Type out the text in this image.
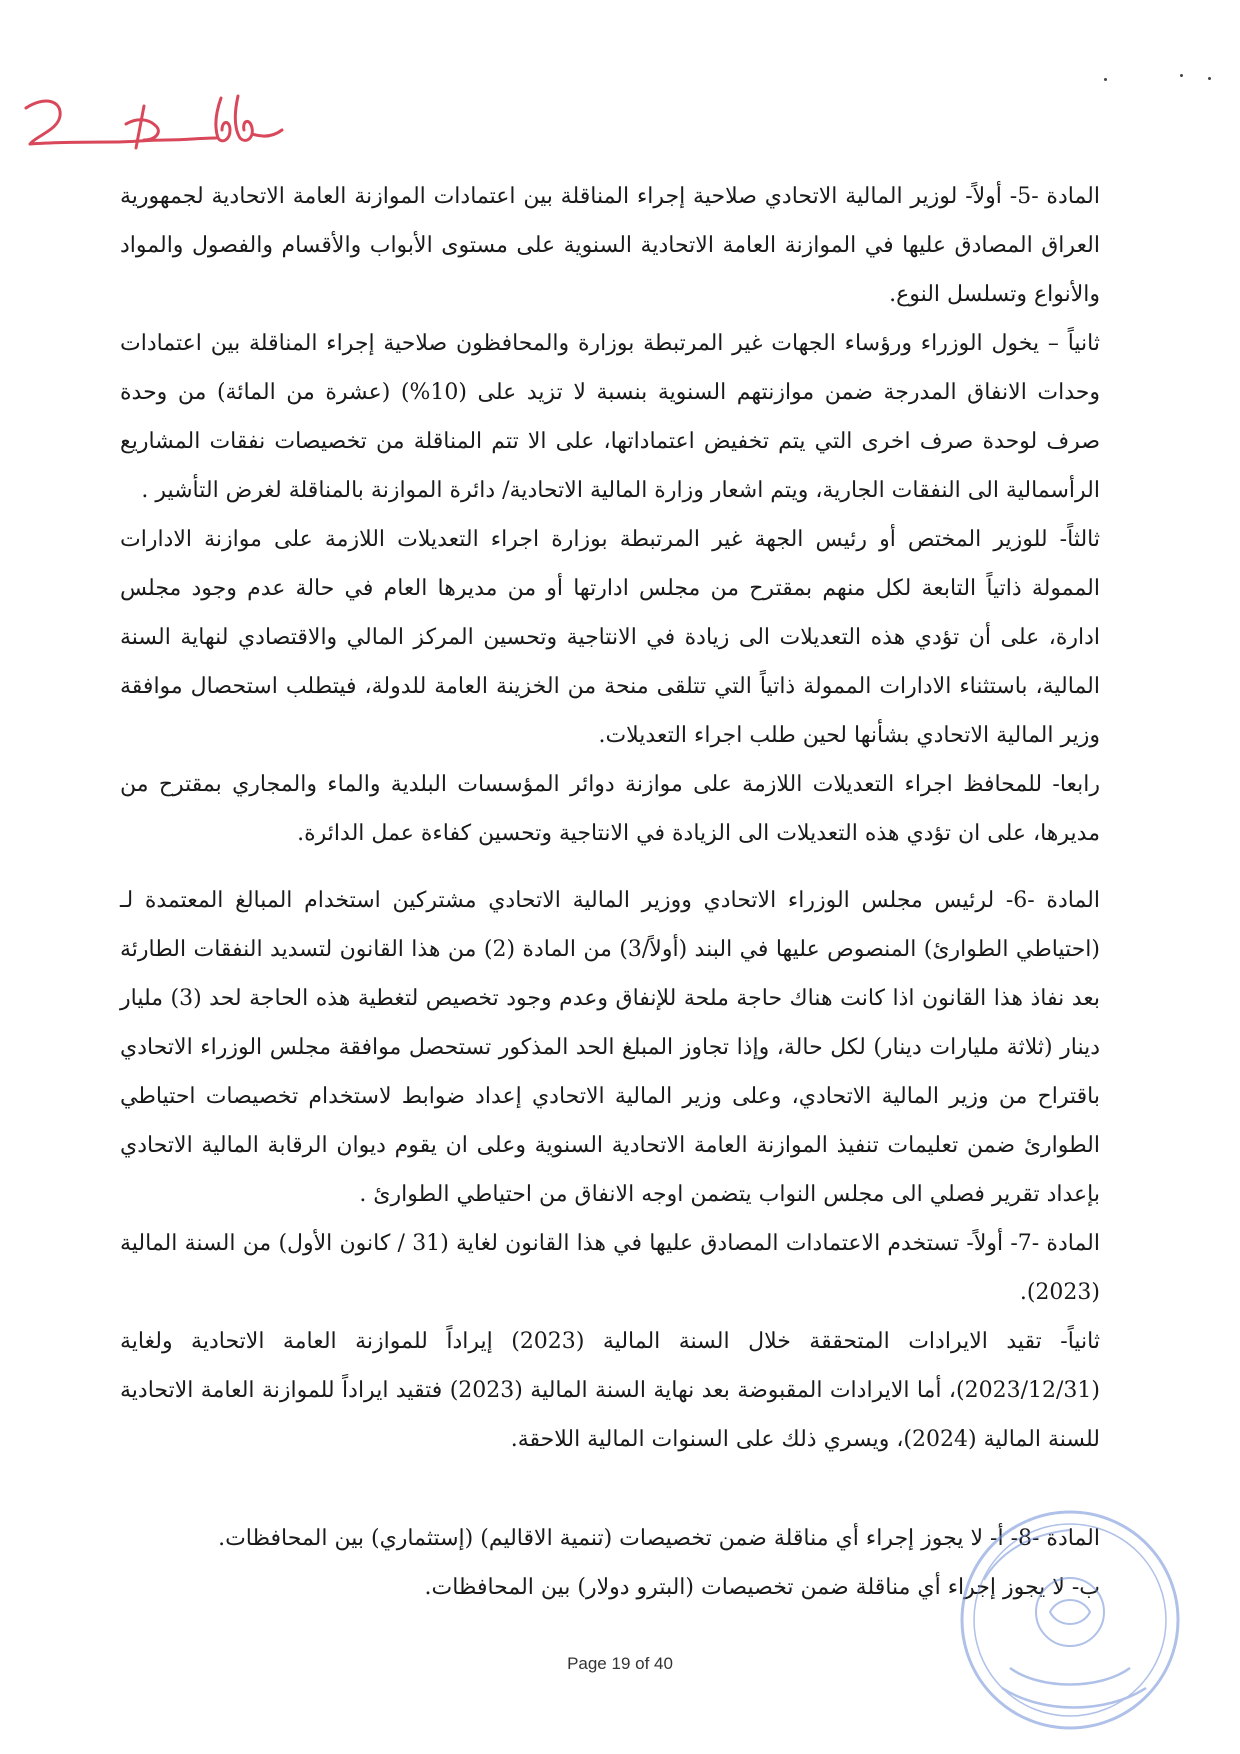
المادة -5- أولاً- لوزير المالية الاتحادي صلاحية إجراء المناقلة بين اعتمادات الموازنة العامة الاتحادية لجمهورية العراق المصادق عليها في الموازنة العامة الاتحادية السنوية على مستوى الأبواب والأقسام والفصول والمواد والأنواع وتسلسل النوع.

ثانياً – يخول الوزراء ورؤساء الجهات غير المرتبطة بوزارة والمحافظون صلاحية إجراء المناقلة بين اعتمادات وحدات الانفاق المدرجة ضمن موازنتهم السنوية بنسبة لا تزيد على (10%) (عشرة من المائة) من وحدة صرف لوحدة صرف اخرى التي يتم تخفيض اعتماداتها، على الا تتم المناقلة من تخصيصات نفقات المشاريع الرأسمالية الى النفقات الجارية، ويتم اشعار وزارة المالية الاتحادية/ دائرة الموازنة بالمناقلة لغرض التأشير .

ثالثاً- للوزير المختص أو رئيس الجهة غير المرتبطة بوزارة اجراء التعديلات اللازمة على موازنة الادارات الممولة ذاتياً التابعة لكل منهم بمقترح من مجلس ادارتها أو من مديرها العام في حالة عدم وجود مجلس ادارة، على أن تؤدي هذه التعديلات الى زيادة في الانتاجية وتحسين المركز المالي والاقتصادي لنهاية السنة المالية، باستثناء الادارات الممولة ذاتياً التي تتلقى منحة من الخزينة العامة للدولة، فيتطلب استحصال موافقة وزير المالية الاتحادي بشأنها لحين طلب اجراء التعديلات.

رابعا- للمحافظ اجراء التعديلات اللازمة على موازنة دوائر المؤسسات البلدية والماء والمجاري بمقترح من مديرها، على ان تؤدي هذه التعديلات الى الزيادة في الانتاجية وتحسين كفاءة عمل الدائرة.

المادة -6- لرئيس مجلس الوزراء الاتحادي ووزير المالية الاتحادي مشتركين استخدام المبالغ المعتمدة لـ (احتياطي الطوارئ) المنصوص عليها في البند (أولاً/3) من المادة (2) من هذا القانون لتسديد النفقات الطارئة بعد نفاذ هذا القانون اذا كانت هناك حاجة ملحة للإنفاق وعدم وجود تخصيص لتغطية هذه الحاجة لحد (3) مليار دينار (ثلاثة مليارات دينار) لكل حالة، وإذا تجاوز المبلغ الحد المذكور تستحصل موافقة مجلس الوزراء الاتحادي باقتراح من وزير المالية الاتحادي، وعلى وزير المالية الاتحادي إعداد ضوابط لاستخدام تخصيصات احتياطي الطوارئ ضمن تعليمات تنفيذ الموازنة العامة الاتحادية السنوية وعلى ان يقوم ديوان الرقابة المالية الاتحادي بإعداد تقرير فصلي الى مجلس النواب يتضمن اوجه الانفاق من احتياطي الطوارئ .

المادة -7- أولاً- تستخدم الاعتمادات المصادق عليها في هذا القانون لغاية (31 / كانون الأول) من السنة المالية (2023).

ثانياً- تقيد الايرادات المتحققة خلال السنة المالية (2023) إيراداً للموازنة العامة الاتحادية ولغاية (2023/12/31)، أما الايرادات المقبوضة بعد نهاية السنة المالية (2023) فتقيد ايراداً للموازنة العامة الاتحادية للسنة المالية (2024)، ويسري ذلك على السنوات المالية اللاحقة.

المادة -8- أ- لا يجوز إجراء أي مناقلة ضمن تخصيصات (تنمية الاقاليم) (إستثماري) بين المحافظات.

ب- لا يجوز إجراء أي مناقلة ضمن تخصيصات (البترو دولار) بين المحافظات.

Page 19 of 40
